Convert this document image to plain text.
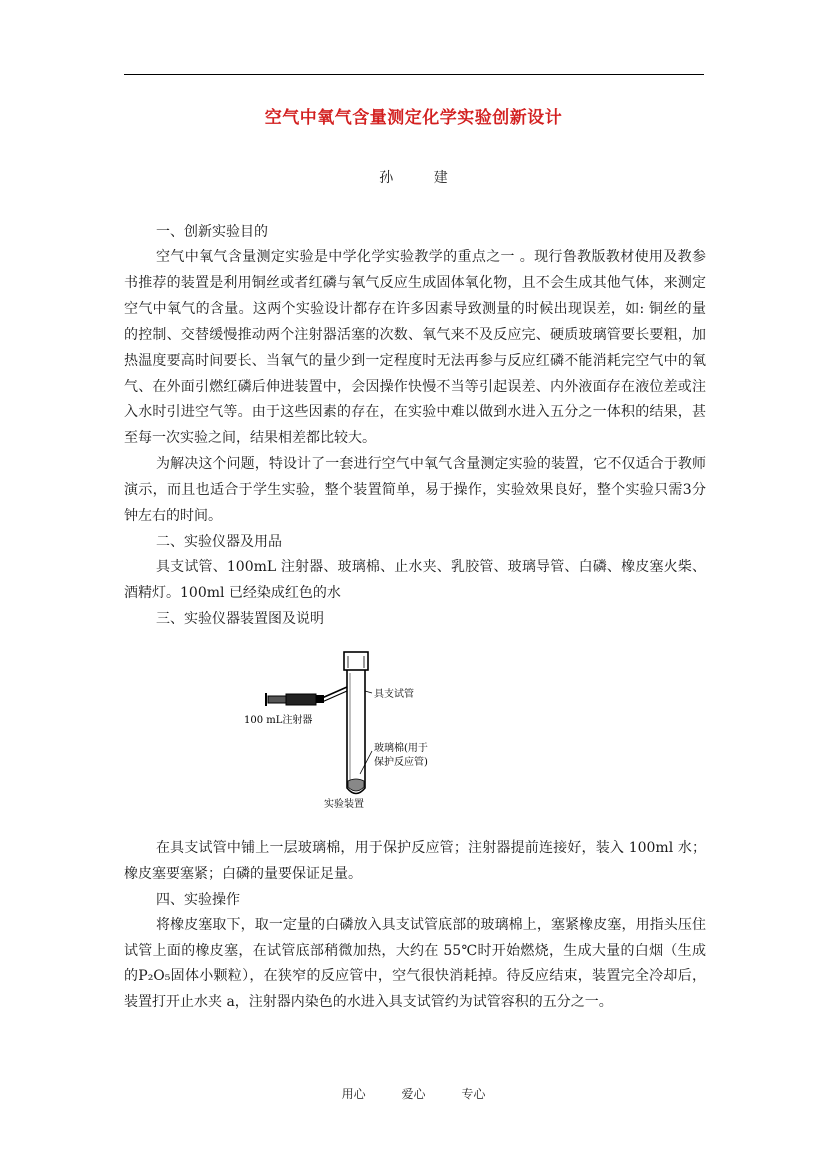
空气中氧气含量测定化学实验创新设计
孙 建

一、创新实验目的

空气中氧气含量测定实验是中学化学实验教学的重点之一 。现行鲁教版教材使用及教参书推荐的装置是利用铜丝或者红磷与氧气反应生成固体氧化物，且不会生成其他气体，来测定空气中氧气的含量。这两个实验设计都存在许多因素导致测量的时候出现误差，如: 铜丝的量的控制、交替缓慢推动两个注射器活塞的次数、氧气来不及反应完、硬质玻璃管要长要粗，加热温度要高时间要长、当氧气的量少到一定程度时无法再参与反应红磷不能消耗完空气中的氧气、在外面引燃红磷后伸进装置中，会因操作快慢不当等引起误差、内外液面存在液位差或注入水时引进空气等。由于这些因素的存在，在实验中难以做到水进入五分之一体积的结果，甚至每一次实验之间，结果相差都比较大。

为解决这个问题，特设计了一套进行空气中氧气含量测定实验的装置，它不仅适合于教师演示，而且也适合于学生实验，整个装置简单，易于操作，实验效果良好，整个实验只需3分钟左右的时间。

二、实验仪器及用品

具支试管、100mL 注射器、玻璃棉、止水夹、乳胶管、玻璃导管、白磷、橡皮塞火柴、酒精灯。100ml 已经染成红色的水

三、实验仪器装置图及说明

具支试管
100 mL注射器
玻璃棉(用于
保护反应管)
实验装置

在具支试管中铺上一层玻璃棉，用于保护反应管；注射器提前连接好，装入 100ml 水；橡皮塞要塞紧；白磷的量要保证足量。

四、实验操作

将橡皮塞取下，取一定量的白磷放入具支试管底部的玻璃棉上，塞紧橡皮塞，用指头压住试管上面的橡皮塞，在试管底部稍微加热，大约在 55℃时开始燃烧，生成大量的白烟（生成的P₂O₅固体小颗粒），在狭窄的反应管中，空气很快消耗掉。待反应结束，装置完全冷却后，装置打开止水夹 a，注射器内染色的水进入具支试管约为试管容积的五分之一。

用心	爱心	专心
